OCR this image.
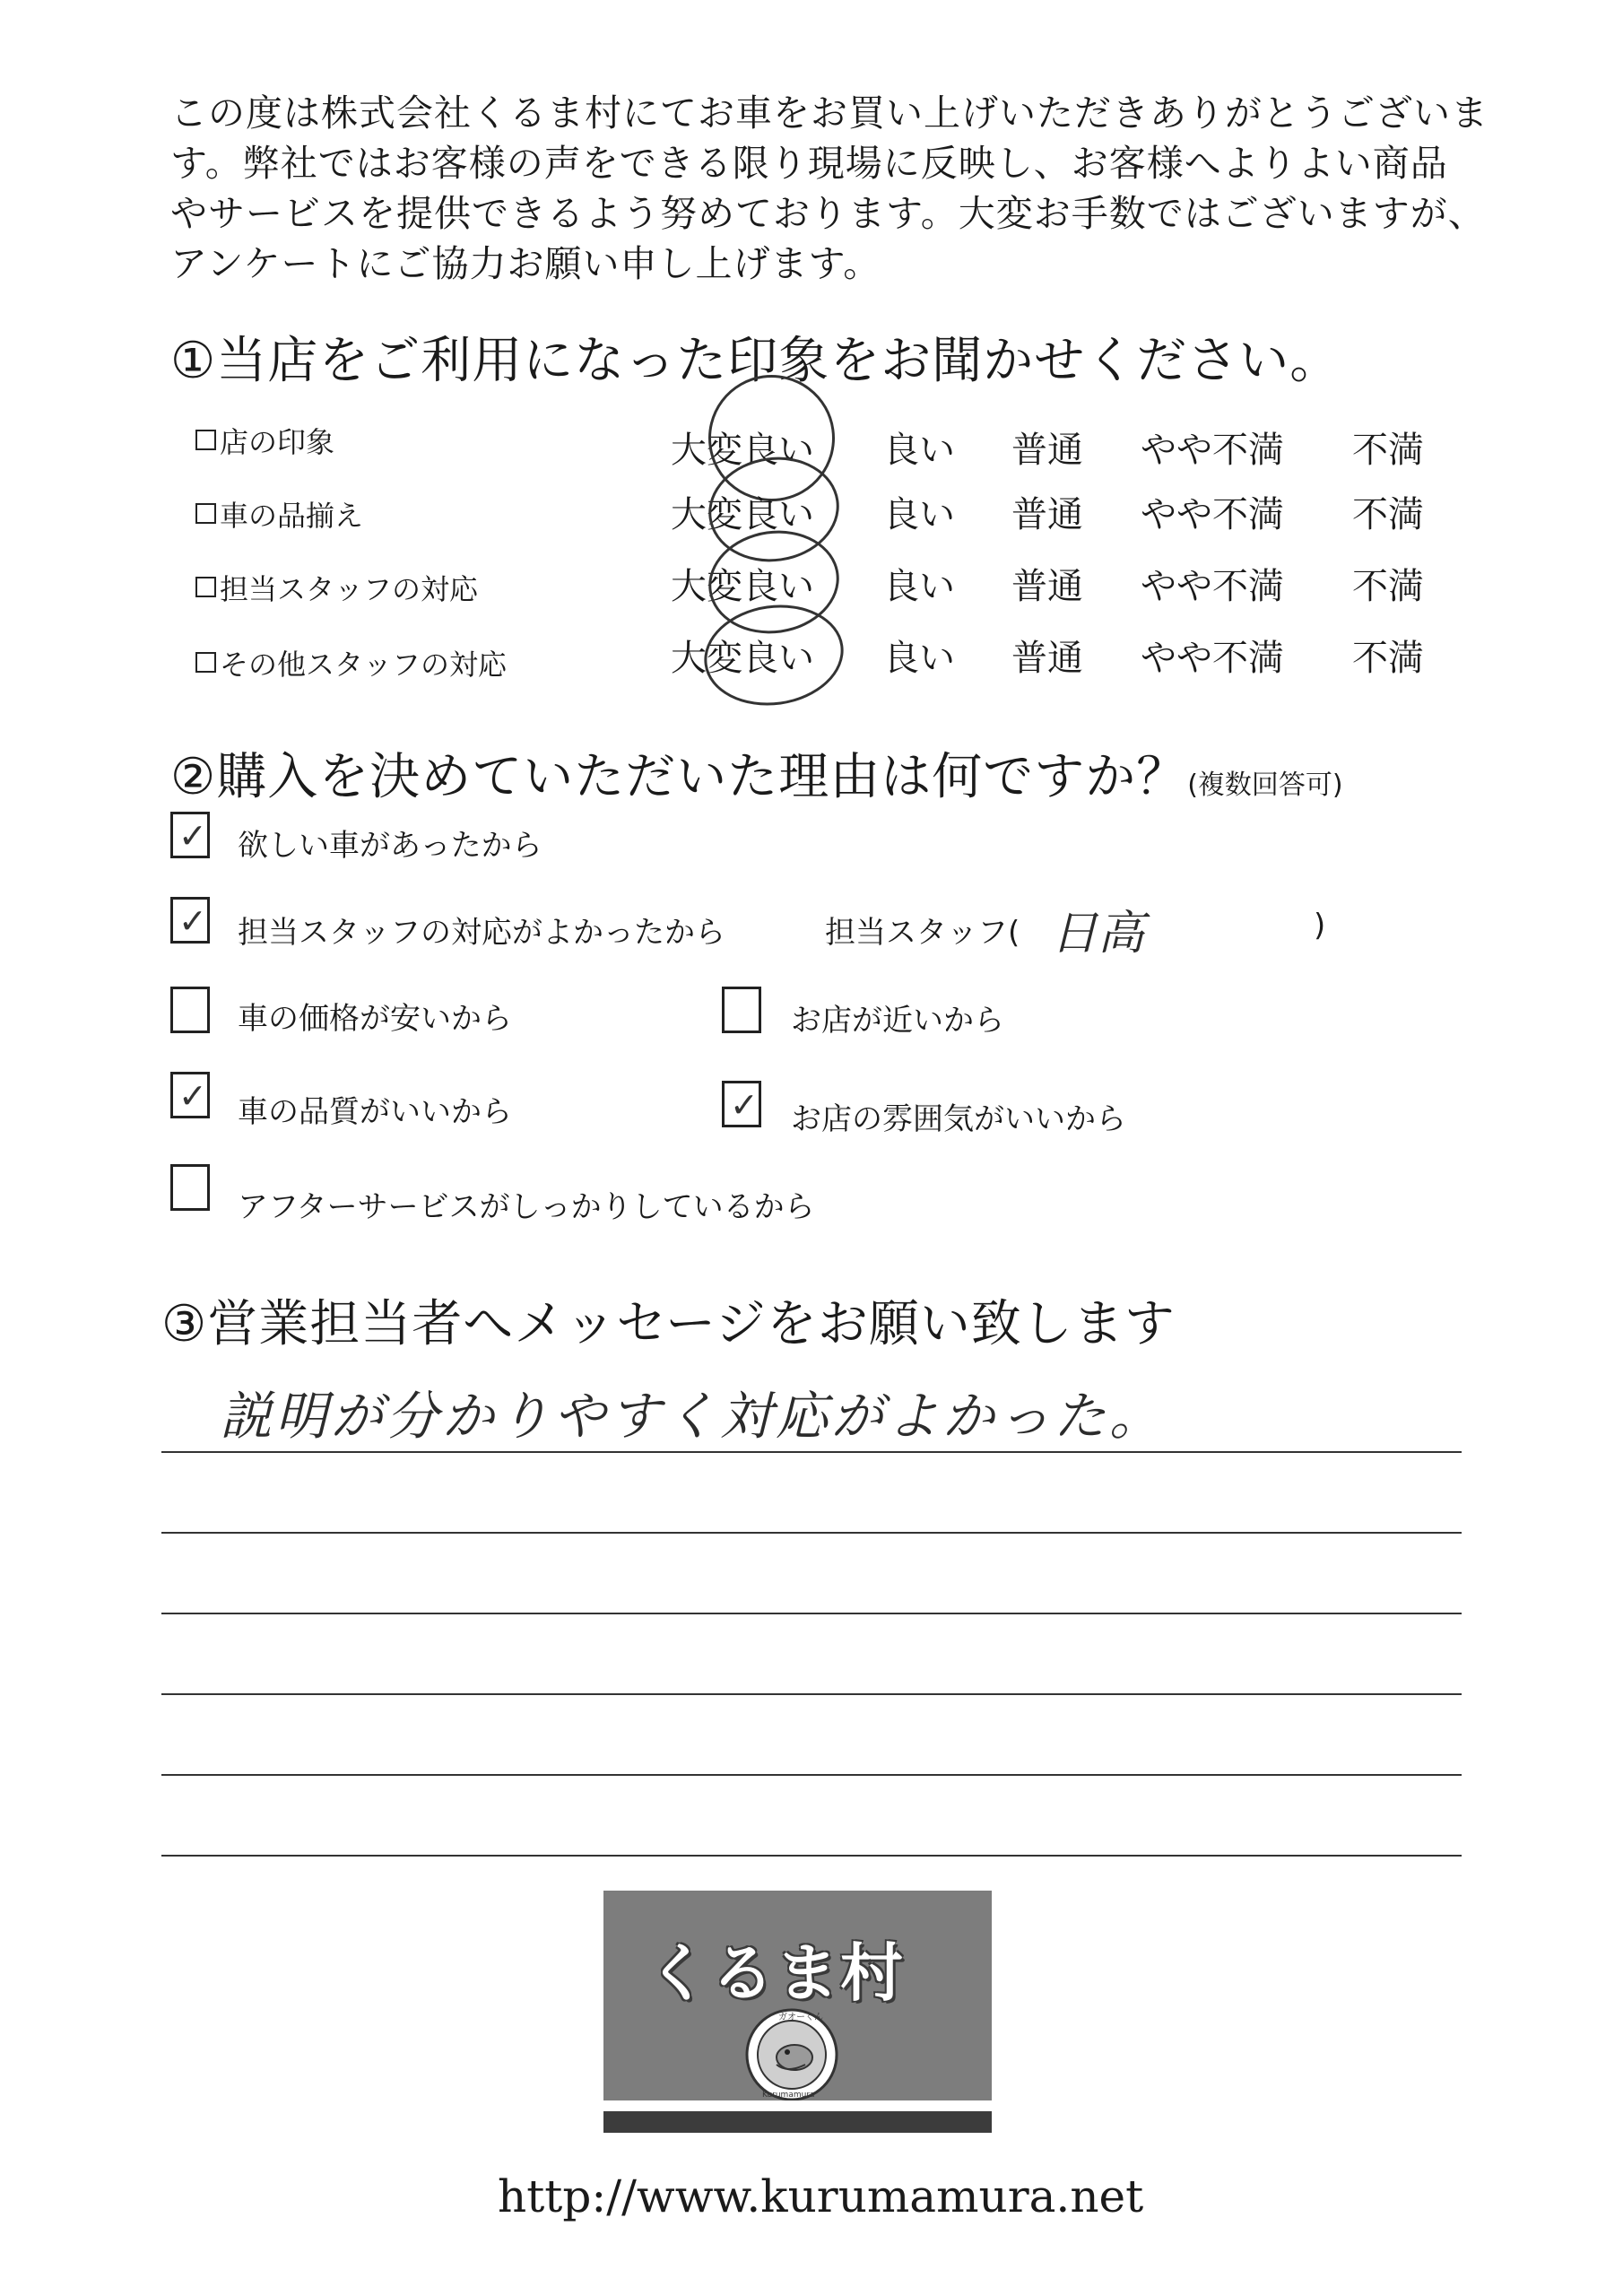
この度は株式会社くるま村にてお車をお買い上げいただきありがとうございま
す。弊社ではお客様の声をできる限り現場に反映し、お客様へよりよい商品
やサービスを提供できるよう努めております。大変お手数ではございますが、
アンケートにご協力お願い申し上げます。
①当店をご利用になった印象をお聞かせください。
店の印象	大変良い 良い 普通 やや不満 不満
車の品揃え	大変良い 良い 普通 やや不満 不満
担当スタッフの対応	大変良い 良い 普通 やや不満 不満
その他スタッフの対応	大変良い 良い 普通 やや不満 不満
②購入を決めていただいた理由は何ですか？(複数回答可)
✓ 欲しい車があったから
✓ 担当スタッフの対応がよかったから	担当スタッフ( 日高	)
車の価格が安いから	お店が近いから
✓ 車の品質がいいから	✓ お店の雰囲気がいいから
アフターサービスがしっかりしているから
③営業担当者へメッセージをお願い致します
説明が分かりやすく対応がよかった。
くるま村
ガオーくん
Kurumamura
http://www.kurumamura.net
